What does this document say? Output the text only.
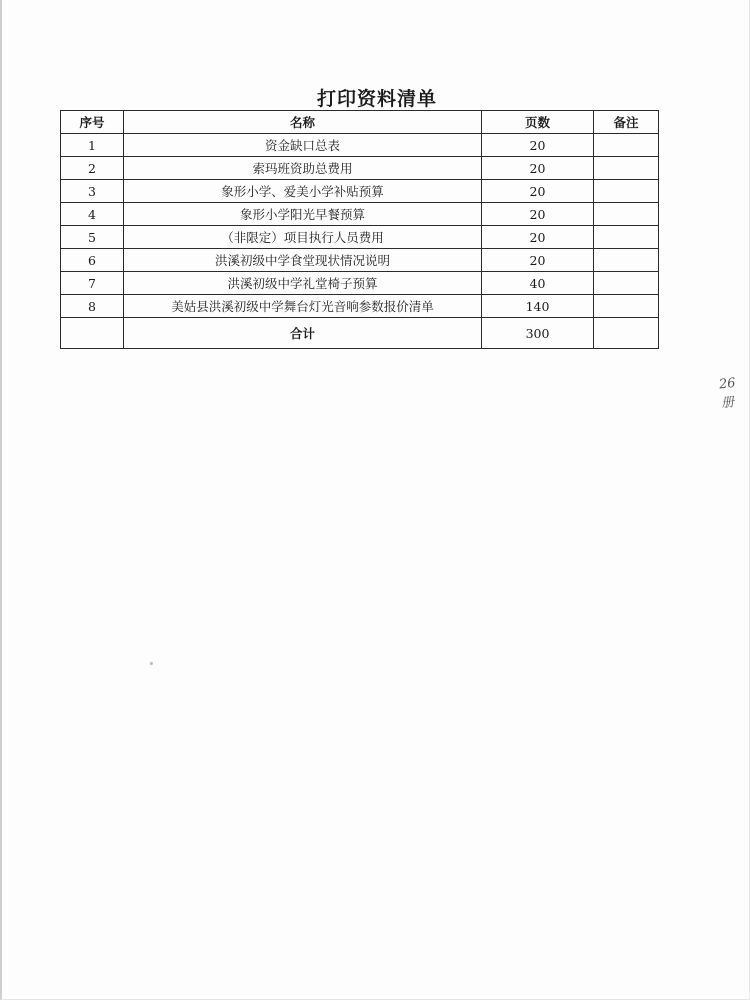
打印资料清单
序号	名称	页数	备注
1	资金缺口总表	20	
2	索玛班资助总费用	20	
3	象形小学、爱美小学补贴预算	20	
4	象形小学阳光早餐预算	20	
5	（非限定）项目执行人员费用	20	
6	洪溪初级中学食堂现状情况说明	20	
7	洪溪初级中学礼堂椅子预算	40	
8	美姑县洪溪初级中学舞台灯光音响参数报价清单	140	
	合计	300	
26册
